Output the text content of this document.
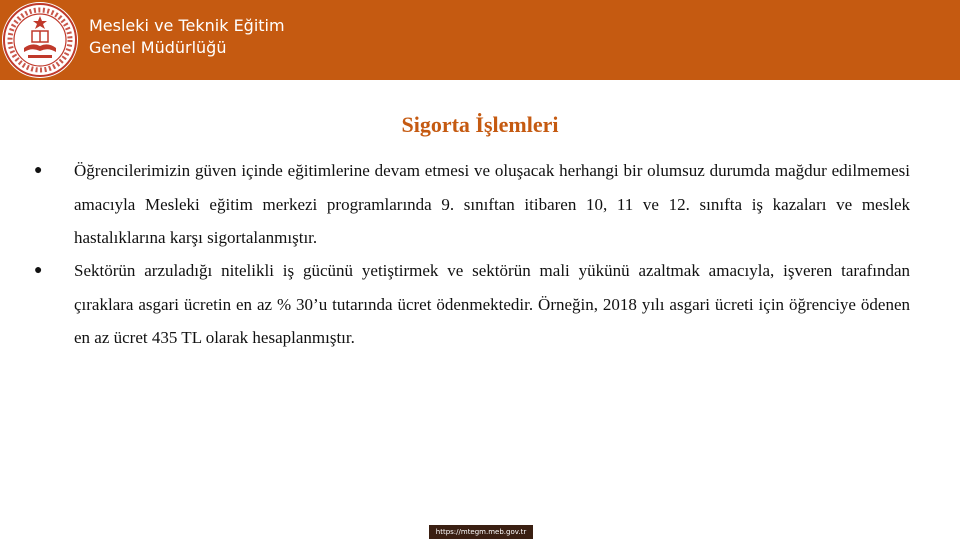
Mesleki ve Teknik Eğitim
Genel Müdürlüğü
Sigorta İşlemleri
● Öğrencilerimizin güven içinde eğitimlerine devam etmesi ve oluşacak herhangi bir olumsuz durumda mağdur edilmemesi amacıyla Mesleki eğitim merkezi programlarında 9. sınıftan itibaren 10, 11 ve 12. sınıfta iş kazaları ve meslek hastalıklarına karşı sigortalanmıştır.
● Sektörün arzuladığı nitelikli iş gücünü yetiştirmek ve sektörün mali yükünü azaltmak amacıyla, işveren tarafından çıraklara asgari ücretin en az % 30’u tutarında ücret ödenmektedir. Örneğin, 2018 yılı asgari ücreti için öğrenciye ödenen en az ücret 435 TL olarak hesaplanmıştır.
https://mtegm.meb.gov.tr
